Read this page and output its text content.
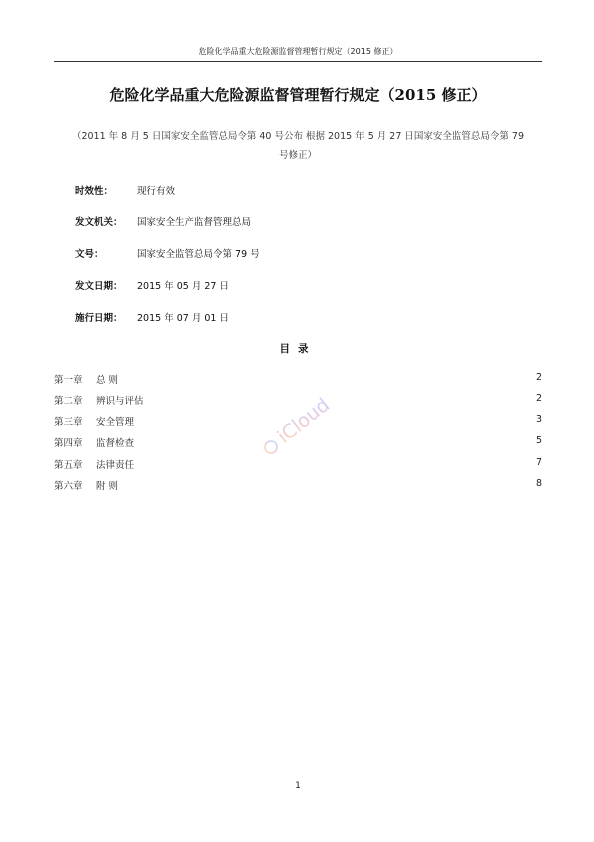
危险化学品重大危险源监督管理暂行规定（2015 修正）
危险化学品重大危险源监督管理暂行规定（2015 修正）
（2011 年 8 月 5 日国家安全监管总局令第 40 号公布 根据 2015 年 5 月 27 日国家安全监管总局令第 79
号修正）
时效性：	现行有效
发文机关： 国家安全生产监督管理总局
文号：	国家安全监管总局令第 79 号
发文日期： 2015 年 05 月 27 日
施行日期： 2015 年 07 月 01 日
目录
第一章 总 则	2
第二章 辨识与评估	2
第三章 安全管理	3
第四章 监督检查	5
第五章 法律责任	7
第六章 附 则	8
iCloud
1
